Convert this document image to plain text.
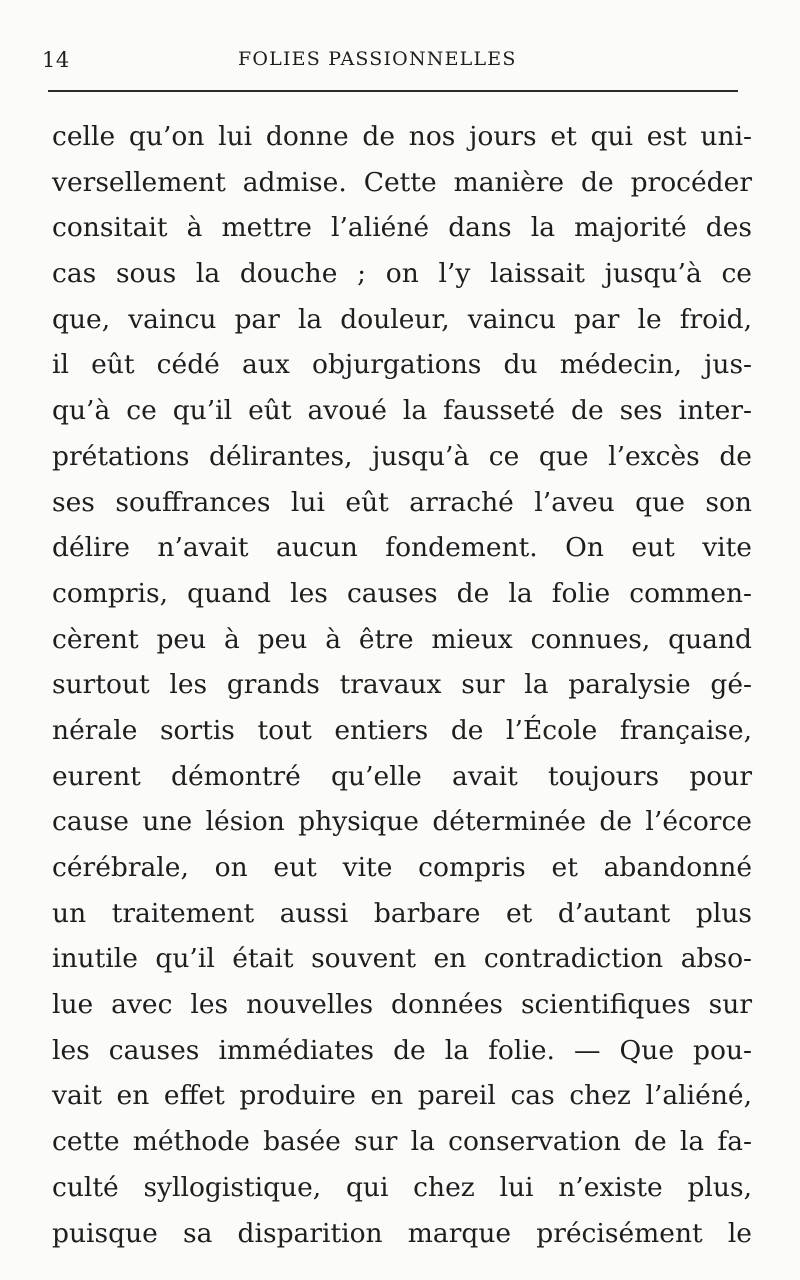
14	FOLIES PASSIONNELLES
celle qu’on lui donne de nos jours et qui est uni-
versellement admise. Cette manière de procéder
consitait à mettre l’aliéné dans la majorité des
cas sous la douche ; on l’y laissait jusqu’à ce
que, vaincu par la douleur, vaincu par le froid,
il eût cédé aux objurgations du médecin, jus-
qu’à ce qu’il eût avoué la fausseté de ses inter-
prétations délirantes, jusqu’à ce que l’excès de
ses souffrances lui eût arraché l’aveu que son
délire n’avait aucun fondement. On eut vite
compris, quand les causes de la folie commen-
cèrent peu à peu à être mieux connues, quand
surtout les grands travaux sur la paralysie gé-
nérale sortis tout entiers de l’École française,
eurent démontré qu’elle avait toujours pour
cause une lésion physique déterminée de l’écorce
cérébrale, on eut vite compris et abandonné
un traitement aussi barbare et d’autant plus
inutile qu’il était souvent en contradiction abso-
lue avec les nouvelles données scientifiques sur
les causes immédiates de la folie. — Que pou-
vait en effet produire en pareil cas chez l’aliéné,
cette méthode basée sur la conservation de la fa-
culté syllogistique, qui chez lui n’existe plus,
puisque sa disparition marque précisément le
